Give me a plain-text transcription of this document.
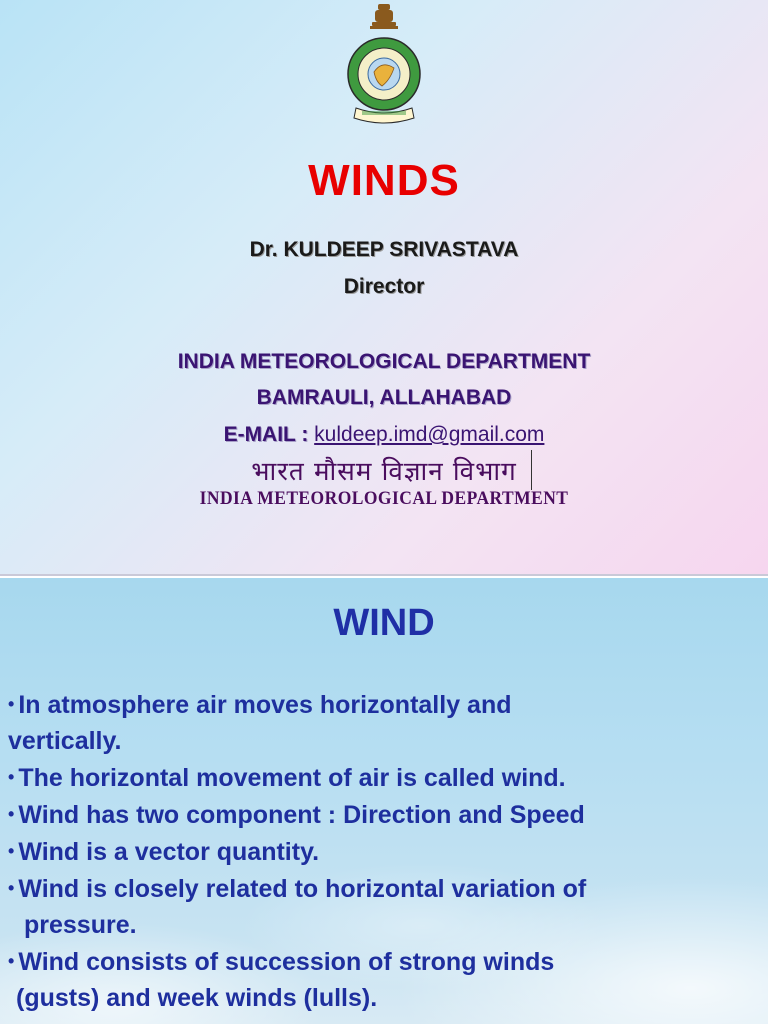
WINDS
Dr. KULDEEP SRIVASTAVA
Director
INDIA METEOROLOGICAL DEPARTMENT
BAMRAULI, ALLAHABAD
E-MAIL : kuldeep.imd@gmail.com
भारत मौसम विज्ञान विभाग
INDIA METEOROLOGICAL DEPARTMENT
WIND
• In atmosphere air moves horizontally and
vertically.
• The horizontal movement of air is called wind.
• Wind has two component : Direction and Speed
• Wind is a vector quantity.
• Wind is closely related to horizontal variation of
pressure.
• Wind consists of succession of strong winds
(gusts) and week winds (lulls).
